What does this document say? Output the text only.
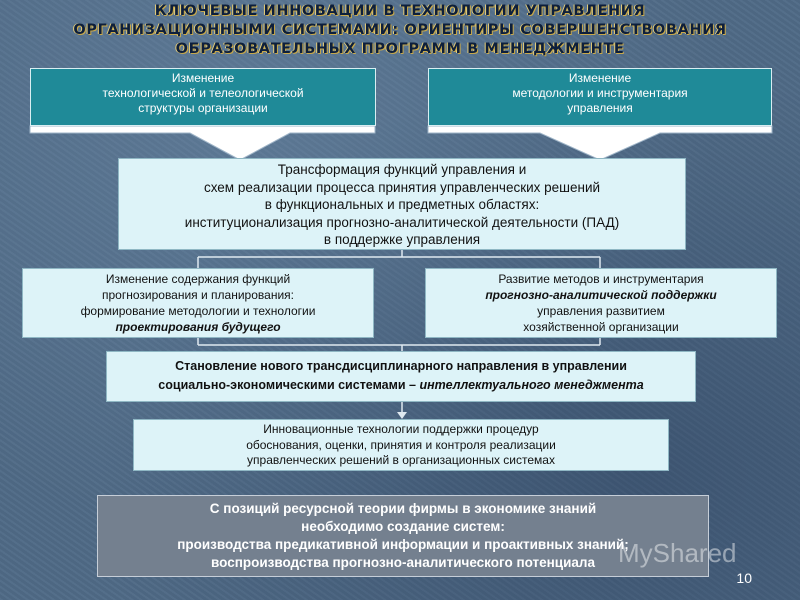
КЛЮЧЕВЫЕ ИННОВАЦИИ В ТЕХНОЛОГИИ УПРАВЛЕНИЯ
ОРГАНИЗАЦИОННЫМИ СИСТЕМАМИ: ОРИЕНТИРЫ СОВЕРШЕНСТВОВАНИЯ
ОБРАЗОВАТЕЛЬНЫХ ПРОГРАММ В МЕНЕДЖМЕНТЕ
Изменение
технологической и телеологической
структуры организации
Изменение
методологии и инструментария
управления
Трансформация функций управления и
схем реализации процесса принятия управленческих решений
в функциональных и предметных областях:
институционализация прогнозно-аналитической деятельности (ПАД)
в поддержке управления
Изменение содержания функций
прогнозирования и планирования:
формирование методологии и технологии
проектирования будущего
Развитие методов и инструментария
прогнозно-аналитической поддержки
управления развитием
хозяйственной организации
Становление нового трансдисциплинарного направления в управлении
социально-экономическими системами – интеллектуального менеджмента
Инновационные технологии поддержки процедур
обоснования, оценки, принятия и контроля реализации
управленческих решений в организационных системах
С позиций ресурсной теории фирмы в экономике знаний
необходимо создание систем:
производства предикативной информации и проактивных знаний;
воспроизводства прогнозно-аналитического потенциала MyShared
10
